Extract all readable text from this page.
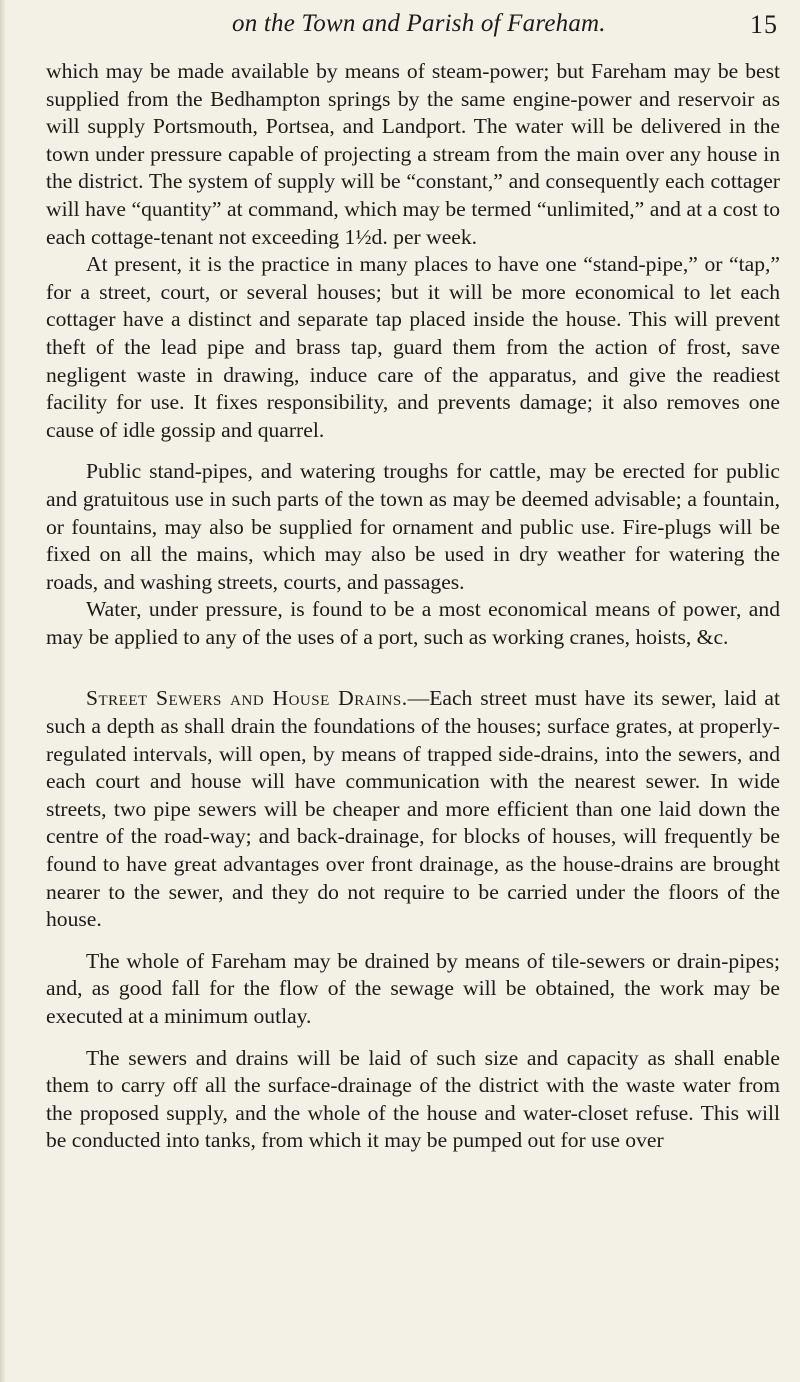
on the Town and Parish of Fareham.	15

which may be made available by means of steam-power; but Fareham may be best supplied from the Bedhampton springs by the same engine-power and reservoir as will supply Portsmouth, Portsea, and Landport. The water will be delivered in the town under pressure capable of projecting a stream from the main over any house in the district. The system of supply will be “constant,” and consequently each cottager will have “quantity” at command, which may be termed “unlimited,” and at a cost to each cottage-tenant not exceeding 1½d. per week.

At present, it is the practice in many places to have one “stand-pipe,” or “tap,” for a street, court, or several houses; but it will be more economical to let each cottager have a distinct and separate tap placed inside the house. This will prevent theft of the lead pipe and brass tap, guard them from the action of frost, save negligent waste in drawing, induce care of the apparatus, and give the readiest facility for use. It fixes responsibility, and prevents damage; it also removes one cause of idle gossip and quarrel.

Public stand-pipes, and watering troughs for cattle, may be erected for public and gratuitous use in such parts of the town as may be deemed advisable; a fountain, or fountains, may also be supplied for ornament and public use. Fire-plugs will be fixed on all the mains, which may also be used in dry weather for watering the roads, and washing streets, courts, and passages.

Water, under pressure, is found to be a most economical means of power, and may be applied to any of the uses of a port, such as working cranes, hoists, &c.

Street Sewers and House Drains.—Each street must have its sewer, laid at such a depth as shall drain the foundations of the houses; surface grates, at properly-regulated intervals, will open, by means of trapped side-drains, into the sewers, and each court and house will have communication with the nearest sewer. In wide streets, two pipe sewers will be cheaper and more efficient than one laid down the centre of the road-way; and back-drainage, for blocks of houses, will frequently be found to have great advantages over front drainage, as the house-drains are brought nearer to the sewer, and they do not require to be carried under the floors of the house.

The whole of Fareham may be drained by means of tile-sewers or drain-pipes; and, as good fall for the flow of the sewage will be obtained, the work may be executed at a minimum outlay.

The sewers and drains will be laid of such size and capacity as shall enable them to carry off all the surface-drainage of the district with the waste water from the proposed supply, and the whole of the house and water-closet refuse. This will be conducted into tanks, from which it may be pumped out for use over
